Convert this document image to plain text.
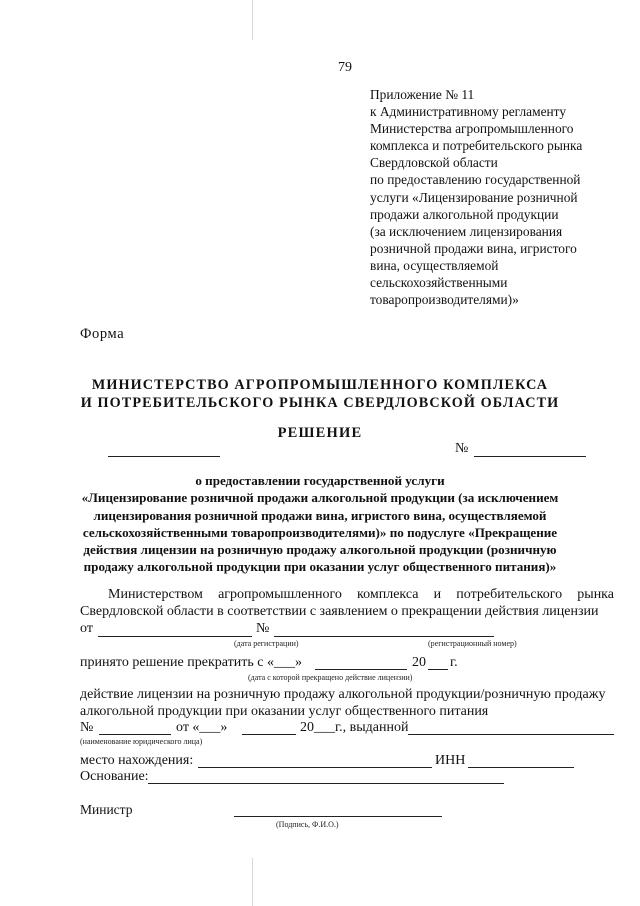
79
Приложение № 11
к Административному регламенту
Министерства агропромышленного
комплекса и потребительского рынка
Свердловской области
по предоставлению государственной
услуги «Лицензирование розничной
продажи алкогольной продукции
(за исключением лицензирования
розничной продажи вина, игристого
вина, осуществляемой
сельскохозяйственными
товаропроизводителями)»
Форма
МИНИСТЕРСТВО АГРОПРОМЫШЛЕННОГО КОМПЛЕКСА
И ПОТРЕБИТЕЛЬСКОГО РЫНКА СВЕРДЛОВСКОЙ ОБЛАСТИ
РЕШЕНИЕ
№
о предоставлении государственной услуги
«Лицензирование розничной продажи алкогольной продукции (за исключением
лицензирования розничной продажи вина, игристого вина, осуществляемой
сельскохозяйственными товаропроизводителями)» по подуслуге «Прекращение
действия лицензии на розничную продажу алкогольной продукции (розничную
продажу алкогольной продукции при оказании услуг общественного питания)»
Министерством агропромышленного комплекса и потребительского рынка
Свердловской области в соответствии с заявлением о прекращении действия лицензии
от	№
(дата регистрации)	(регистрационный номер)
принято решение прекратить с «___»	20 г.
(дата с которой прекращено действие лицензии)
действие лицензии на розничную продажу алкогольной продукции/розничную продажу
алкогольной продукции при оказании услуг общественного питания
№	от «___»	20___г., выданной
(наименование юридического лица)
место нахождения:	ИНН
Основание:
Министр
(Подпись, Ф.И.О.)
